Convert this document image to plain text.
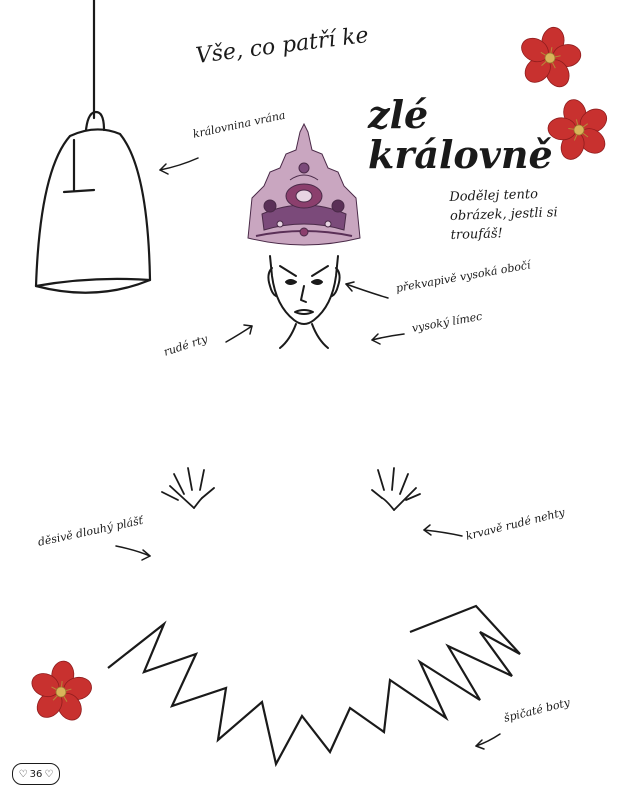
Vše, co patří ke
zlé
královně
Dodělej tento obrázek, jestli si troufáš!
královnina vrána
překvapivě vysoká obočí
vysoký límec
rudé rty
děsivě dlouhý plášť	krvavě rudé nehty
špičaté boty
♡ 36 ♡
